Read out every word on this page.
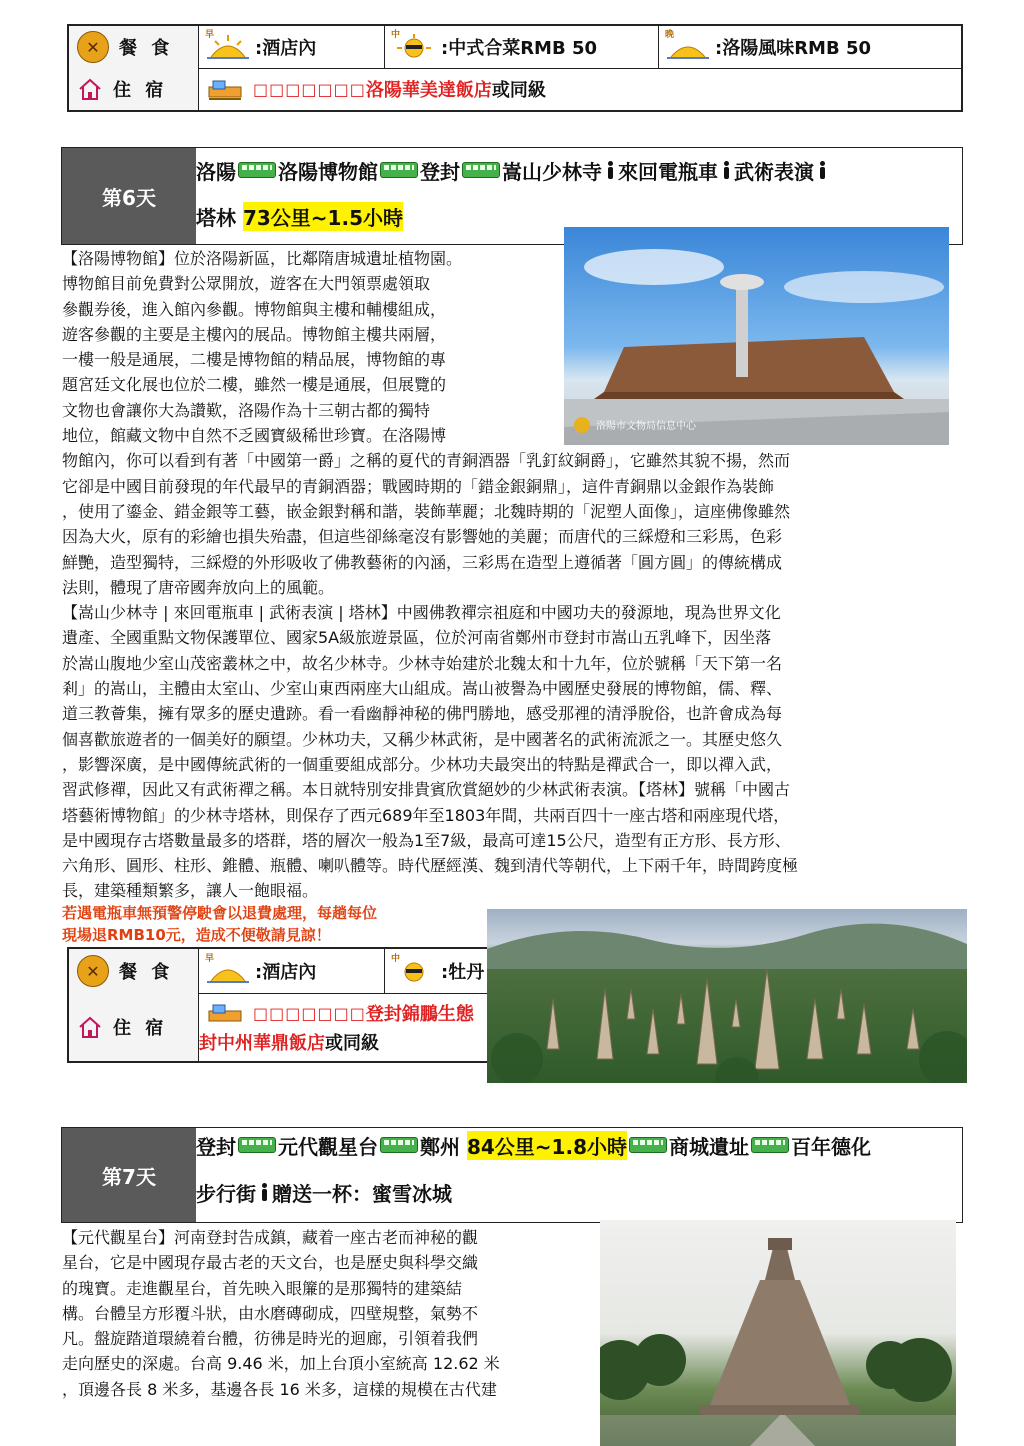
✕	餐 食
早
:酒店內
中
:中式合菜RMB 50
晚
:洛陽風味RMB 50
住 宿	□□□□□□□ 洛陽華美達飯店 或同級
第6天
洛陽 洛陽博物館 登封 嵩山少林寺 來回電瓶車 武術表演
塔林
73公里~1.5小時
洛陽市文物局信息中心
【洛陽博物館】位於洛陽新區，比鄰隋唐城遺址植物園。
博物館目前免費對公眾開放，遊客在大門領票處領取
參觀券後，進入館內參觀。博物館與主樓和輔樓組成，
遊客參觀的主要是主樓內的展品。博物館主樓共兩層，
一樓一般是通展，二樓是博物館的精品展，博物館的專
題宮廷文化展也位於二樓，雖然一樓是通展，但展覽的
文物也會讓你大為讚歎，洛陽作為十三朝古都的獨特
地位，館藏文物中自然不乏國寶級稀世珍寶。在洛陽博
物館內，你可以看到有著「中國第一爵」之稱的夏代的青銅酒器「乳釘紋銅爵」，它雖然其貌不揚，然而
它卻是中國目前發現的年代最早的青銅酒器；戰國時期的「錯金銀銅鼎」，這件青銅鼎以金銀作為裝飾
，使用了鎏金、錯金銀等工藝，嵌金銀對稱和諧，裝飾華麗；北魏時期的「泥塑人面像」，這座佛像雖然
因為大火，原有的彩繪也損失殆盡，但這些卻絲毫沒有影響她的美麗；而唐代的三綵燈和三彩馬，色彩
鮮艷，造型獨特，三綵燈的外形吸收了佛教藝術的內涵，三彩馬在造型上遵循著「圓方圓」的傳統構成
法則，體現了唐帝國奔放向上的風範。
【嵩山少林寺 | 來回電瓶車 | 武術表演 | 塔林】中國佛教禪宗祖庭和中國功夫的發源地，現為世界文化
遺產、全國重點文物保護單位、國家5A級旅遊景區，位於河南省鄭州市登封市嵩山五乳峰下，因坐落
於嵩山腹地少室山茂密叢林之中，故名少林寺。少林寺始建於北魏太和十九年，位於號稱「天下第一名
剎」的嵩山，主體由太室山、少室山東西兩座大山組成。嵩山被譽為中國歷史發展的博物館，儒、釋、
道三教薈集，擁有眾多的歷史遺跡。看一看幽靜神秘的佛門勝地，感受那裡的清淨脫俗，也許會成為每
個喜歡旅遊者的一個美好的願望。少林功夫，又稱少林武術，是中國著名的武術流派之一。其歷史悠久
，影響深廣，是中國傳統武術的一個重要組成部分。少林功夫最突出的特點是禪武合一，即以禪入武，
習武修禪，因此又有武術禪之稱。本日就特別安排貴賓欣賞絕妙的少林武術表演。【塔林】號稱「中國古
塔藝術博物館」的少林寺塔林，則保存了西元689年至1803年間，共兩百四十一座古塔和兩座現代塔，
是中國現存古塔數量最多的塔群，塔的層次一般為1至7級，最高可達15公尺，造型有正方形、長方形、
六角形、圓形、柱形、錐體、瓶體、喇叭體等。時代歷經漢、魏到清代等朝代，上下兩千年，時間跨度極
長，建築種類繁多，讓人一飽眼福。
若遇電瓶車無預警停駛會以退費處理，每趟每位
現場退RMB10元，造成不便敬請見諒！
✕	餐 食
早
:酒店內
中
:牡丹
住 宿
□□□□□□□ 登封錦鵬生態
封中州華鼎飯店或同級
第7天
登封 元代觀星台 鄭州
84公里~1.8小時 商城遺址 百年德化
步行街 贈送一杯：蜜雪冰城
【元代觀星台】河南登封告成鎮，藏着一座古老而神秘的觀
星台，它是中國現存最古老的天文台，也是歷史與科學交織
的瑰寶。走進觀星台，首先映入眼簾的是那獨特的建築結
構。台體呈方形覆斗狀，由水磨磚砌成，四壁規整，氣勢不
凡。盤旋踏道環繞着台體，彷彿是時光的迴廊，引領着我們
走向歷史的深處。台高 9.46 米，加上台頂小室統高 12.62 米
，頂邊各長 8 米多，基邊各長 16 米多，這樣的規模在古代建
